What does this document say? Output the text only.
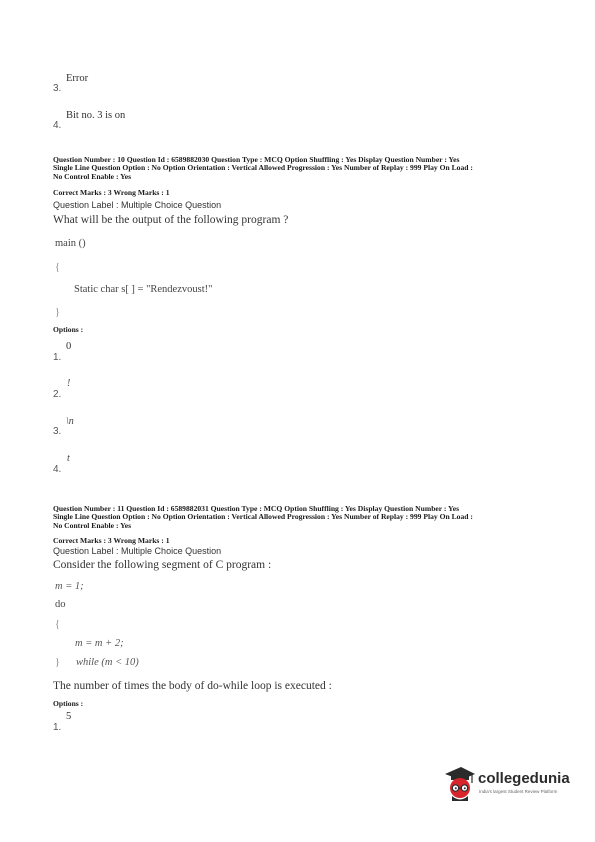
3.
Error
4.
Bit no. 3 is on
Question Number : 10 Question Id : 6589882030 Question Type : MCQ Option Shuffling : Yes Display Question Number : Yes
Single Line Question Option : No Option Orientation : Vertical Allowed Progression : Yes Number of Replay : 999 Play On Load :
No Control Enable : Yes
Correct Marks : 3 Wrong Marks : 1
Question Label : Multiple Choice Question
What will be the output of the following program ?
main ()
{
Static char s[ ] = "Rendezvoust!"
}
Options :
1.
0
2.
!
3.
\n
4.
t
Question Number : 11 Question Id : 6589882031 Question Type : MCQ Option Shuffling : Yes Display Question Number : Yes
Single Line Question Option : No Option Orientation : Vertical Allowed Progression : Yes Number of Replay : 999 Play On Load :
No Control Enable : Yes
Correct Marks : 3 Wrong Marks : 1
Question Label : Multiple Choice Question
Consider the following segment of C program :
m = 1;
do
{
m = m + 2;
} while (m < 10)
The number of times the body of do-while loop is executed :
Options :
1.
5
collegedunia
India's largest Student Review Platform
